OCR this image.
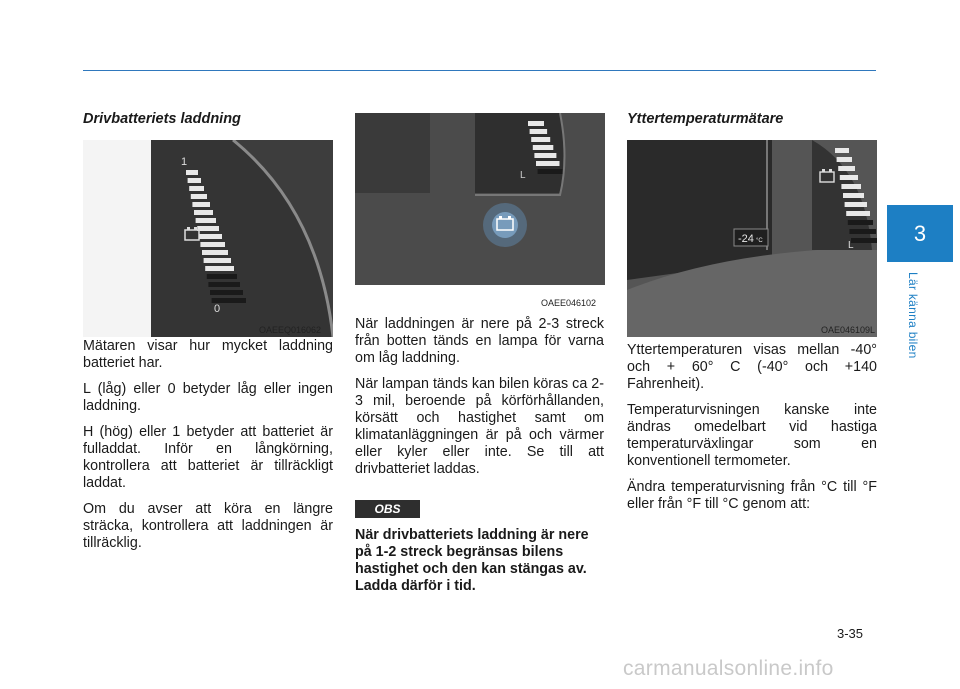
3
Lär känna bilen
Drivbatteriets laddning
1
0
OAEEQ016062

Mätaren visar hur mycket laddning batteriet har.

L (låg) eller 0 betyder låg eller ingen laddning.

H (hög) eller 1 betyder att batteriet är fulladdat. Inför en långkörning, kontrollera att batteriet är tillräckligt laddat.

Om du avser att köra en längre sträcka, kontrollera att laddningen är tillräcklig.

L
OAEE046102

När laddningen är nere på 2-3 streck från botten tänds en lampa för varna om låg laddning.

När lampan tänds kan bilen köras ca 2-3 mil, beroende på körförhållanden, körsätt och hastighet samt om klimatanläggningen är på och värmer eller kyler eller inte. Se till att drivbatteriet laddas.

OBS
När drivbatteriets laddning är nere på 1-2 streck begränsas bilens hastighet och den kan stängas av. Ladda därför i tid.
Yttertemperaturmätare
L
-24 °C
OAE046109L

Yttertemperaturen visas mellan -40° och + 60° C (-40° och +140 Fahrenheit).

Temperaturvisningen kanske inte ändras omedelbart vid hastiga temperaturväxlingar som en konventionell termometer.

Ändra temperaturvisning från °C till °F eller från °F till °C genom att:

3-35
carmanualsonline.info
